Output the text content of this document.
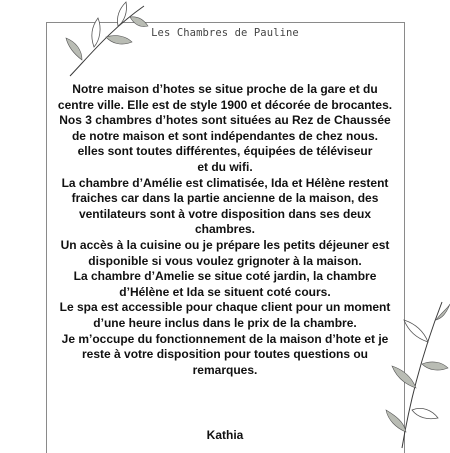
Les Chambres de Pauline
Notre maison d’hotes se situe proche de la gare et du
centre ville. Elle est de style 1900 et décorée de brocantes.
Nos 3 chambres d’hotes sont situées au Rez de Chaussée
de notre maison et sont indépendantes de chez nous.
elles sont toutes différentes, équipées de téléviseur
et du wifi.
La chambre d’Amélie est climatisée, Ida et Hélène restent
fraiches car dans la partie ancienne de la maison, des
ventilateurs sont à votre disposition dans ses deux
chambres.
Un accès à la cuisine ou je prépare les petits déjeuner est
disponible si vous voulez grignoter à la maison.
La chambre d’Amelie se situe coté jardin, la chambre
d’Hélène et Ida se situent coté cours.
Le spa est accessible pour chaque client pour un moment
d’une heure inclus dans le prix de la chambre.
Je m’occupe du fonctionnement de la maison d’hote et je
reste à votre disposition pour toutes questions ou
remarques.
Kathia
